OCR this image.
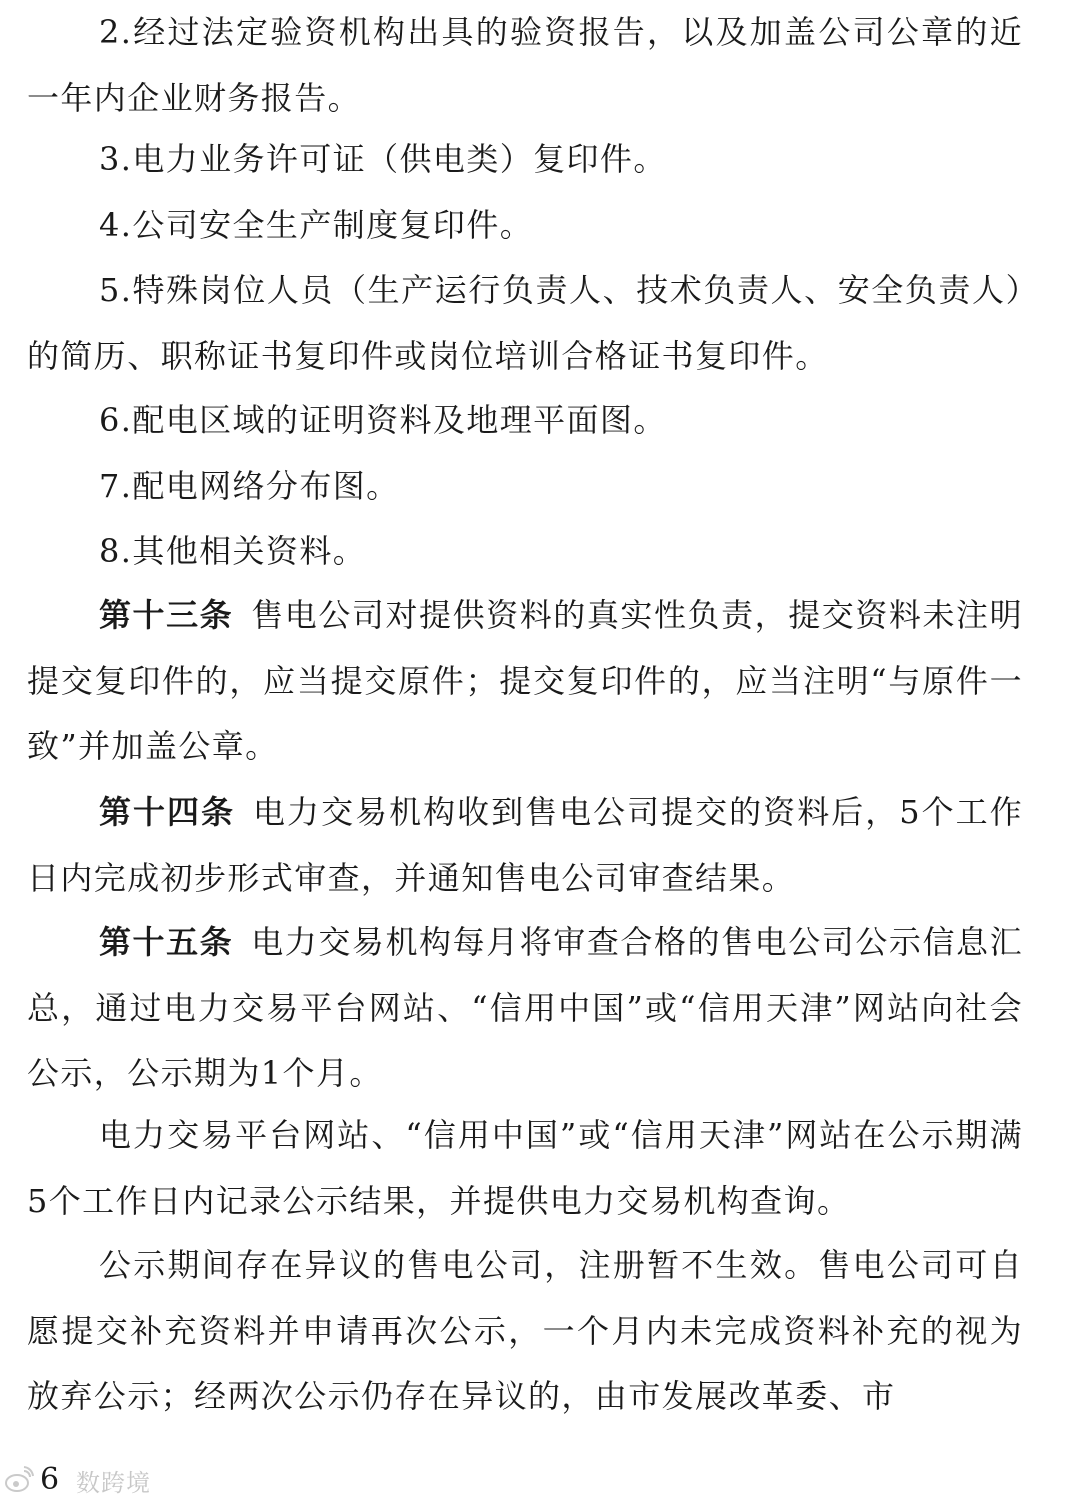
2.经过法定验资机构出具的验资报告，以及加盖公司公章的近一年内企业财务报告。

3.电力业务许可证（供电类）复印件。

4.公司安全生产制度复印件。

5.特殊岗位人员（生产运行负责人、技术负责人、安全负责人）的简历、职称证书复印件或岗位培训合格证书复印件。

6.配电区域的证明资料及地理平面图。

7.配电网络分布图。

8.其他相关资料。

第十三条 售电公司对提供资料的真实性负责，提交资料未注明提交复印件的，应当提交原件；提交复印件的，应当注明“与原件一致”并加盖公章。

第十四条 电力交易机构收到售电公司提交的资料后，5个工作日内完成初步形式审查，并通知售电公司审查结果。

第十五条 电力交易机构每月将审查合格的售电公司公示信息汇总，通过电力交易平台网站、“信用中国”或“信用天津”网站向社会公示，公示期为1个月。

电力交易平台网站、“信用中国”或“信用天津”网站在公示期满5个工作日内记录公示结果，并提供电力交易机构查询。

公示期间存在异议的售电公司，注册暂不生效。售电公司可自愿提交补充资料并申请再次公示，一个月内未完成资料补充的视为放弃公示；经两次公示仍存在异议的，由市发展改革委、市

数跨境
6
